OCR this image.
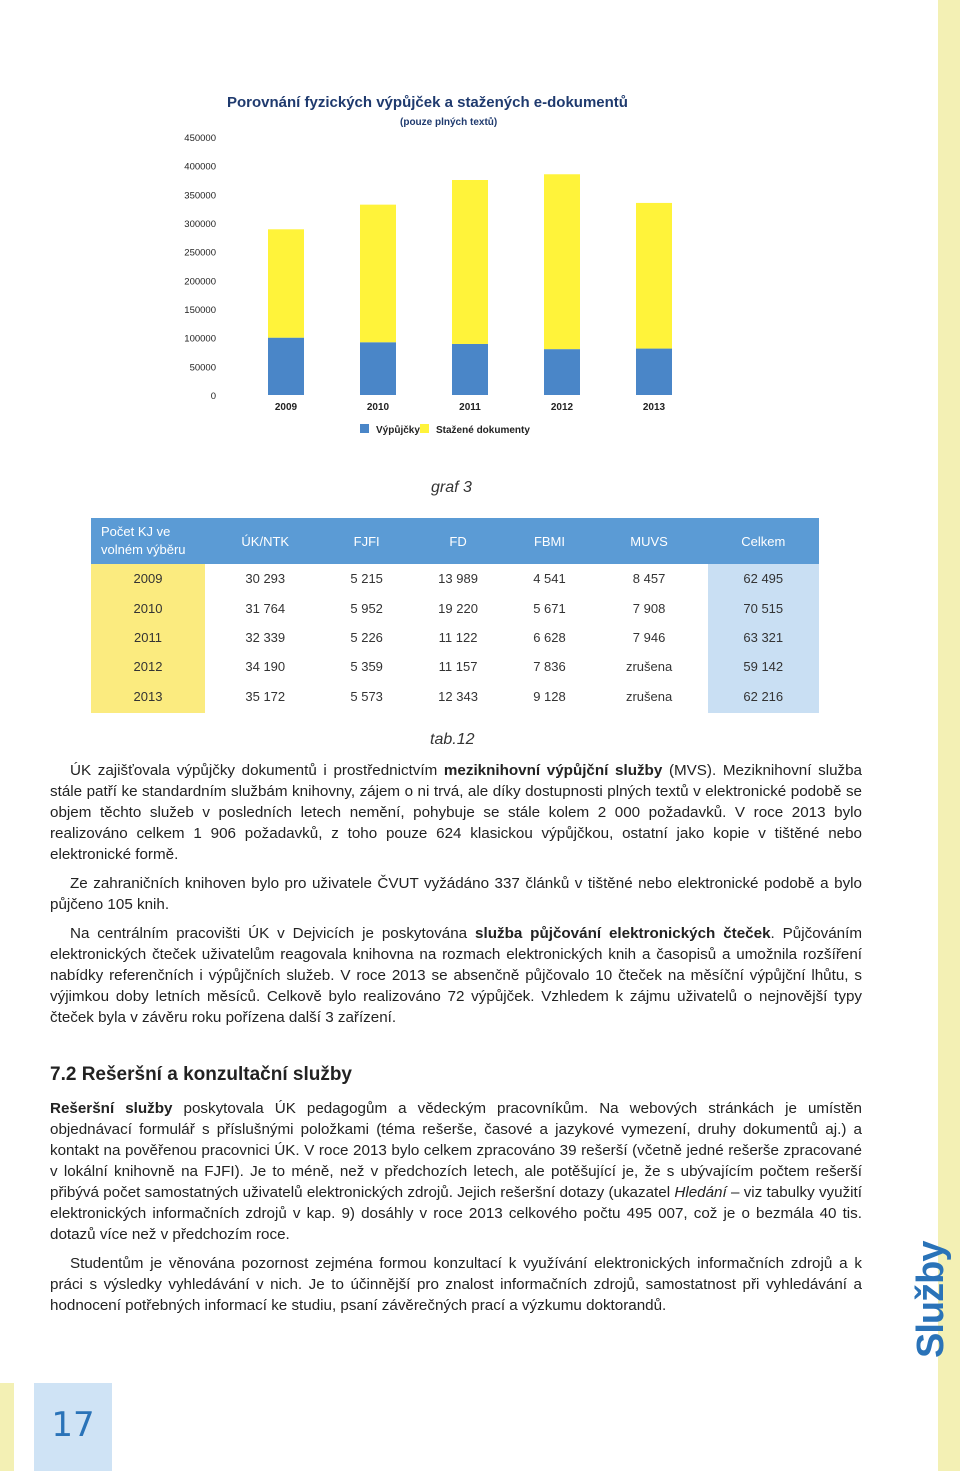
17
Služby
Porovnání fyzických výpůjček a stažených e-dokumentů
(pouze plných textů)
0
50000
100000
150000
200000
250000
300000
350000
400000
450000
2009	2010	2011	2012	2013
Výpůjčky Stažené dokumenty
graf 3
Počet KJ ve volném výběru	ÚK/NTK	FJFI	FD	FBMI	MUVS	Celkem
2009	30 293	5 215	13 989	4 541	8 457	62 495
2010	31 764	5 952	19 220	5 671	7 908	70 515
2011	32 339	5 226	11 122	6 628	7 946	63 321
2012	34 190	5 359	11 157	7 836	zrušena	59 142
2013	35 172	5 573	12 343	9 128	zrušena	62 216
tab.12

ÚK zajišťovala výpůjčky dokumentů i prostřednictvím meziknihovní výpůjční služby (MVS). Meziknihovní služba stále patří ke standardním službám knihovny, zájem o ni trvá, ale díky dostupnosti plných textů v elektronické podobě se objem těchto služeb v posledních letech nemění, pohybuje se stále kolem 2 000 požadavků. V roce 2013 bylo realizováno celkem 1 906 požadavků, z toho pouze 624 klasickou výpůjčkou, ostatní jako kopie v tištěné nebo elektronické formě.

Ze zahraničních knihoven bylo pro uživatele ČVUT vyžádáno 337 článků v tištěné nebo elektronické podobě a bylo půjčeno 105 knih.

Na centrálním pracovišti ÚK v Dejvicích je poskytována služba půjčování elektronických čteček. Půjčováním elektronických čteček uživatelům reagovala knihovna na rozmach elektronických knih a časopisů a umožnila rozšíření nabídky referenčních i výpůjčních služeb. V roce 2013 se absenčně půjčovalo 10 čteček na měsíční výpůjční lhůtu, s výjimkou doby letních měsíců. Celkově bylo realizováno 72 výpůjček. Vzhledem k zájmu uživatelů o nejnovější typy čteček byla v závěru roku pořízena další 3 zařízení.

7.2 Rešeršní a konzultační služby

Rešeršní služby poskytovala ÚK pedagogům a vědeckým pracovníkům. Na webových stránkách je umístěn objednávací formulář s příslušnými položkami (téma rešerše, časové a jazykové vymezení, druhy dokumentů aj.) a kontakt na pověřenou pracovnici ÚK. V roce 2013 bylo celkem zpracováno 39 rešerší (včetně jedné rešerše zpracované v lokální knihovně na FJFI). Je to méně, než v předchozích letech, ale potěšující je, že s ubývajícím počtem rešerší přibývá počet samostatných uživatelů elektronických zdrojů. Jejich rešeršní dotazy (ukazatel Hledání – viz tabulky využití elektronických informačních zdrojů v kap. 9) dosáhly v roce 2013 celkového počtu 495 007, což je o bezmála 40 tis. dotazů více než v předchozím roce.

Studentům je věnována pozornost zejména formou konzultací k využívání elektronických informačních zdrojů a k práci s výsledky vyhledávání v nich. Je to účinnější pro znalost informačních zdrojů, samostatnost při vyhledávání a hodnocení potřebných informací ke studiu, psaní závěrečných prací a výzkumu doktorandů.
